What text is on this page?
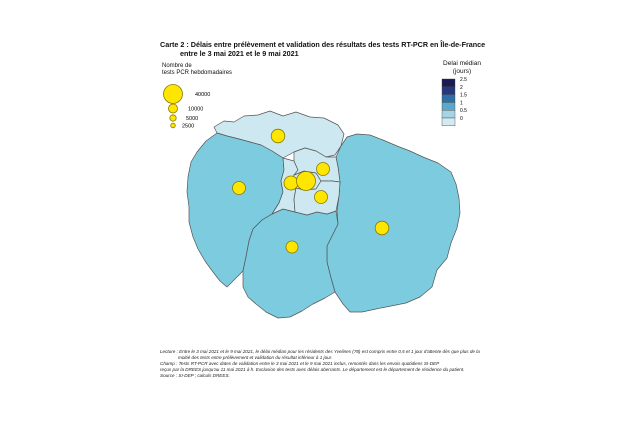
Carte 2 : Délais entre prélèvement et validation des résultats des tests RT-PCR en Île-de-France
entre le 3 mai 2021 et le 9 mai 2021
Nombre de
tests PCR hebdomadaires
40000
10000
5000
2500
Delai médian
(jours)
2.5
2
1.5
1
0.5
0
Lecture : Entre le 3 mai 2021 et le 9 mai 2021, le délai médian pour les résidents des Yvelines (78) est compris entre 0,5 et 1 jour d'attente dès que plus de la
moitié des tests entre prélèvement et validation du résultat inférieur à 1 jour.
Champ : Tests RT-PCR avec dates de validation entre le 3 mai 2021 et le 9 mai 2021 inclus, remontés dans les envois quotidiens SI-DEP
reçus par la DREES jusqu'au 11 mai 2021 à h. Exclusion des tests avec délais aberrants. Le département est le département de résidence du patient.
Source : SI-DEP ; calculs DREES.
